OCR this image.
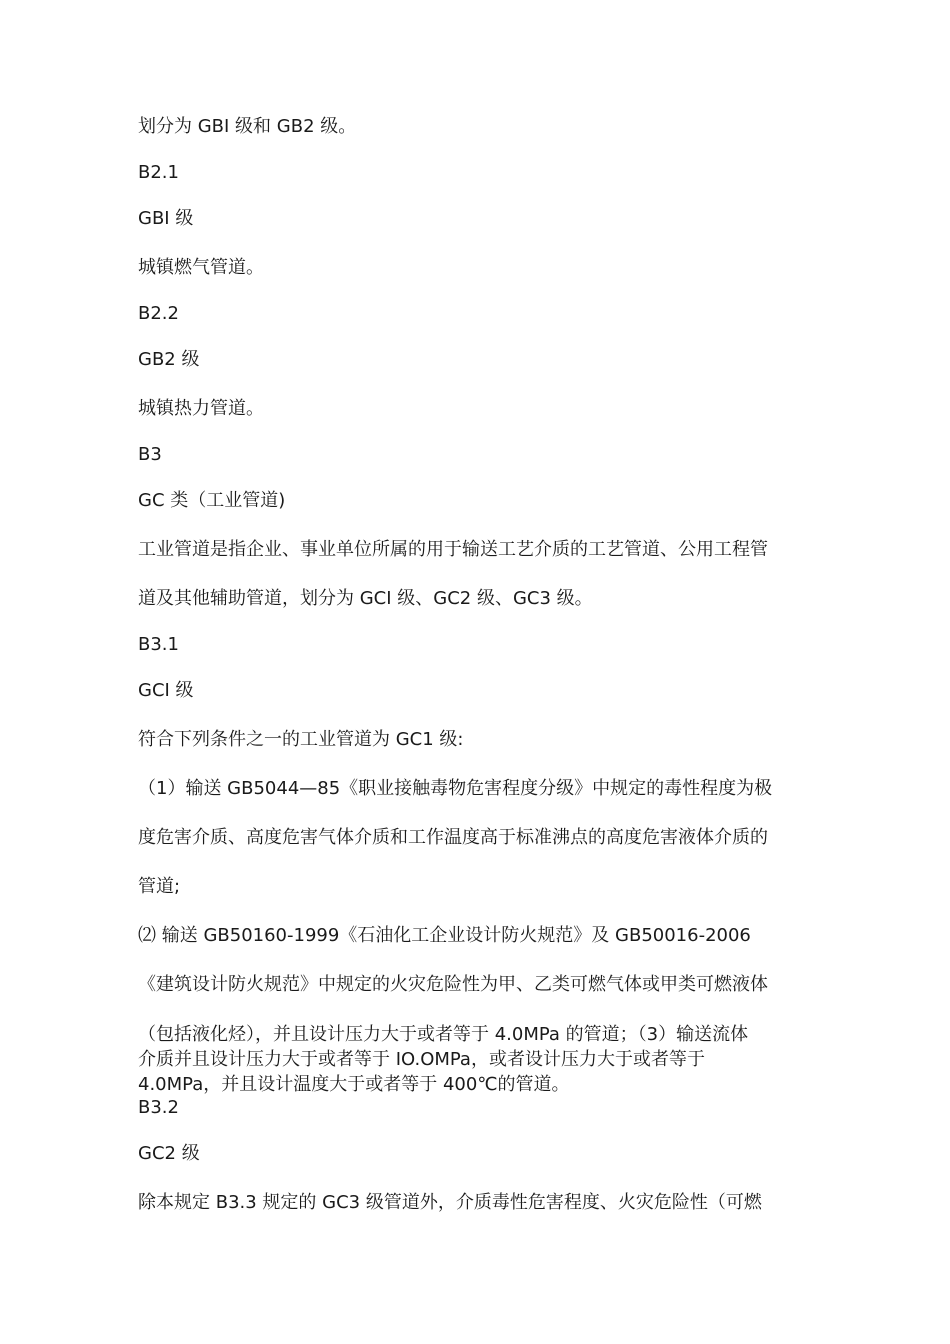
划分为 GBI 级和 GB2 级。
B2.1
GBI 级
城镇燃气管道。
B2.2
GB2 级
城镇热力管道。
B3
GC 类（工业管道)
工业管道是指企业、事业单位所属的用于输送工艺介质的工艺管道、公用工程管
道及其他辅助管道，划分为 GCI 级、GC2 级、GC3 级。
B3.1
GCI 级
符合下列条件之一的工业管道为 GC1 级:
（1）输送 GB5044—85《职业接触毒物危害程度分级》中规定的毒性程度为极
度危害介质、高度危害气体介质和工作温度高于标准沸点的高度危害液体介质的
管道;
⑵ 输送 GB50160-1999《石油化工企业设计防火规范》及 GB50016-2006
《建筑设计防火规范》中规定的火灾危险性为甲、乙类可燃气体或甲类可燃液体
（包括液化烃），并且设计压力大于或者等于 4.0MPa 的管道；（3）输送流体
介质并且设计压力大于或者等于 IO.OMPa，或者设计压力大于或者等于
4.0MPa，并且设计温度大于或者等于 400℃的管道。
B3.2
GC2 级
除本规定 B3.3 规定的 GC3 级管道外，介质毒性危害程度、火灾危险性（可燃
